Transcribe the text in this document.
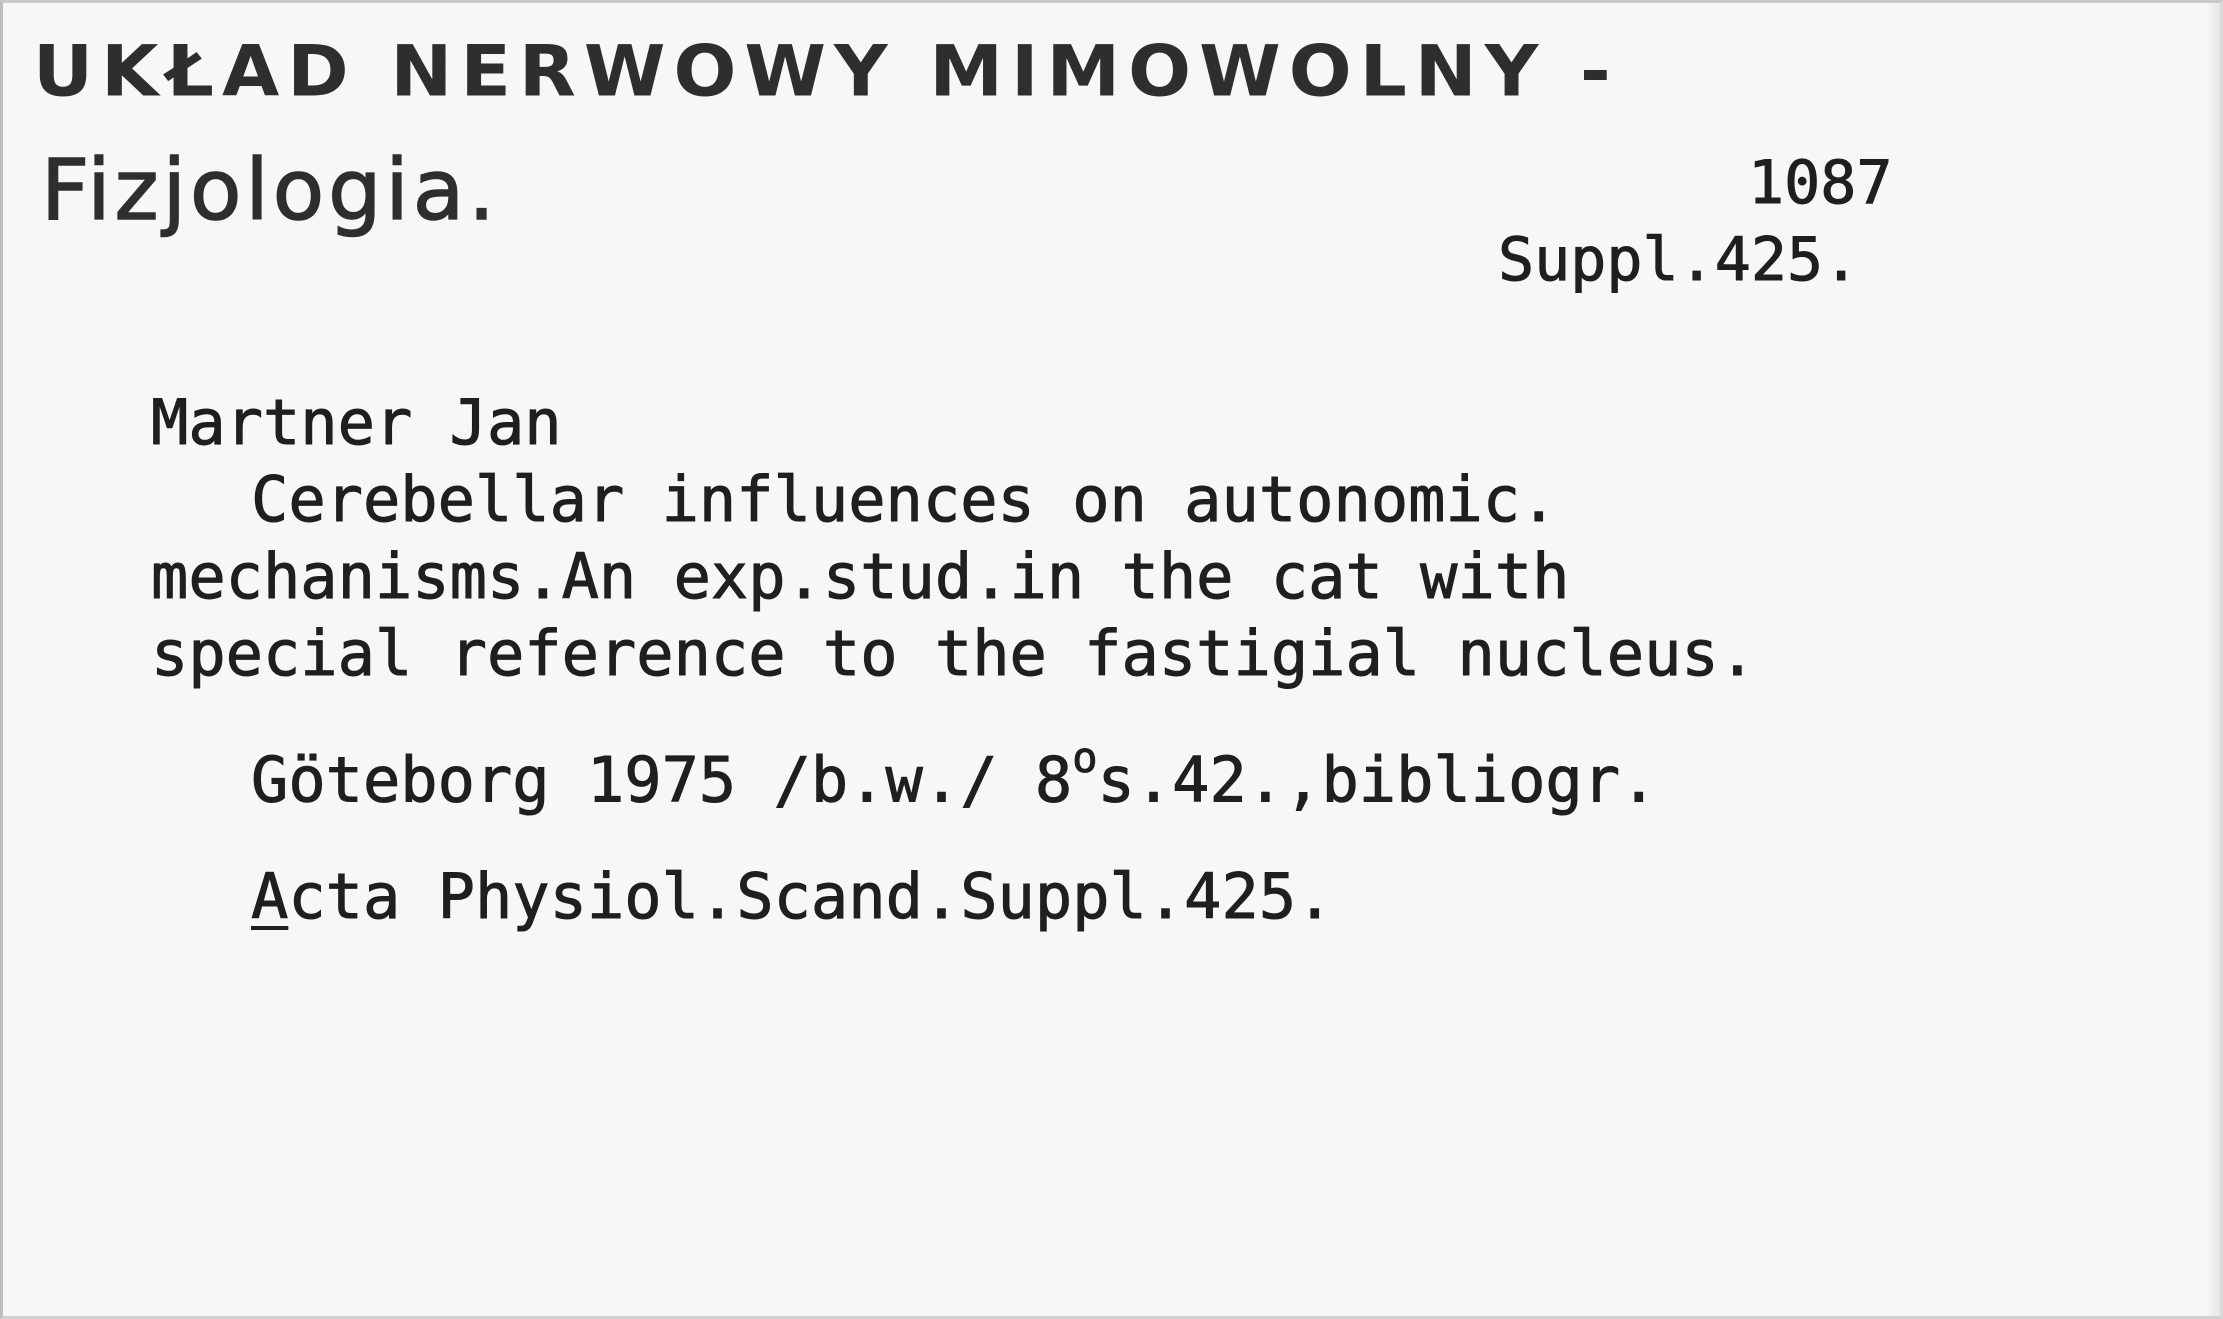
UKŁAD NERWOWY MIMOWOLNY -
Fizjologia.	1087
Suppl.425.
Martner Jan
Cerebellar influences on autonomic.
mechanisms.An exp.stud.in the cat with
special reference to the fastigial nucleus.
Göteborg 1975 /b.w./ 8$^o$s.42.,bibliogr.
Acta Physiol.Scand.Suppl.425.
